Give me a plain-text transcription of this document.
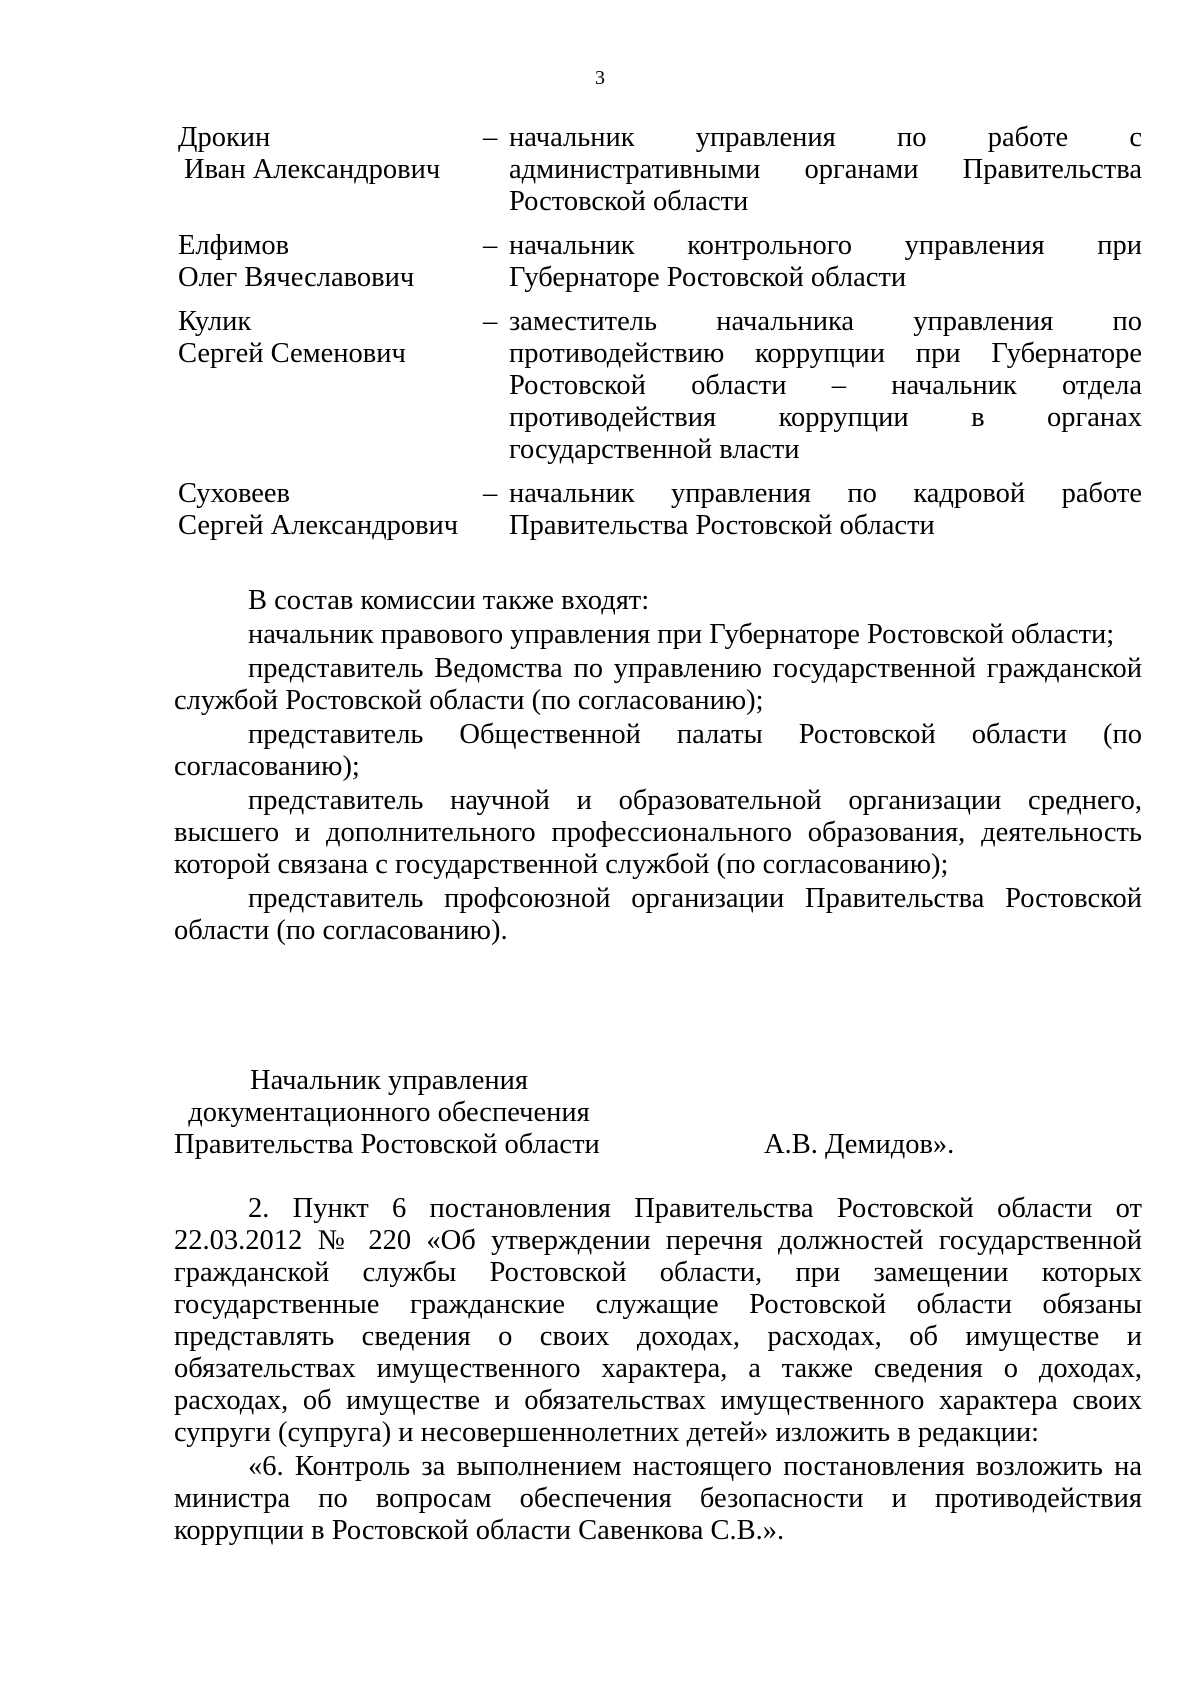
3
Дрокин
Иван Александрович
– начальник управления по работе с административными органами Правительства Ростовской области
Елфимов
Олег Вячеславович
– начальник контрольного управления при Губернаторе Ростовской области
Кулик
Сергей Семенович
– заместитель начальника управления по противодействию коррупции при Губернаторе Ростовской области – начальник отдела противодействия коррупции в органах государственной власти
Суховеев
Сергей Александрович
– начальник управления по кадровой работе Правительства Ростовской области

В состав комиссии также входят:

начальник правового управления при Губернаторе Ростовской области;

представитель Ведомства по управлению государственной гражданской службой Ростовской области (по согласованию);

представитель Общественной палаты Ростовской области (по согласованию);

представитель научной и образовательной организации среднего, высшего и дополнительного профессионального образования, деятельность которой связана с государственной службой (по согласованию);

представитель профсоюзной организации Правительства Ростовской области (по согласованию).

Начальник управления
документационного обеспечения
Правительства Ростовской области	А.В. Демидов».

2. Пункт 6 постановления Правительства Ростовской области от 22.03.2012 № 220 «Об утверждении перечня должностей государственной гражданской службы Ростовской области, при замещении которых государственные гражданские служащие Ростовской области обязаны представлять сведения о своих доходах, расходах, об имуществе и обязательствах имущественного характера, а также сведения о доходах, расходах, об имуществе и обязательствах имущественного характера своих супруги (супруга) и несовершеннолетних детей» изложить в редакции:

«6. Контроль за выполнением настоящего постановления возложить на министра по вопросам обеспечения безопасности и противодействия коррупции в Ростовской области Савенкова С.В.».
